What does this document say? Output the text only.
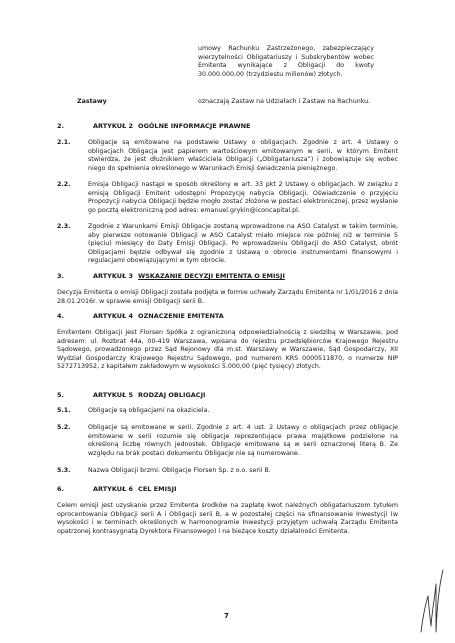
umowy Rachunku Zastrzeżonego, zabezpieczający wierzytelności Obligatariuszy i Subskrybentów wobec Emitenta wynikające z Obligacji do kwoty 30.000.000,00 (trzydziestu milionów) złotych.

Zastawy	oznaczają Zastaw na Udziałach i Zastaw na Rachunku.

2.	ARTYKUŁ 2 OGÓLNE INFORMACJE PRAWNE
2.1.	Obligacje są emitowane na podstawie Ustawy o obligacjach. Zgodnie z art. 4 Ustawy o obligacjach Obligacja jest papierem wartościowym emitowanym w serii, w którym Emitent stwierdza, że jest dłużnikiem właściciela Obligacji („Obligatariusza”) i zobowiązuje się wobec niego do spełnienia określonego w Warunkach Emisji świadczenia pieniężnego.

2.2.	Emisja Obligacji nastąpi w sposób określony w art. 33 pkt 2 Ustawy o obligacjach. W związku z emisją Obligacji Emitent udostępni Propozycję nabycia Obligacji. Oświadczenie o przyjęciu Propozycji nabycia Obligacji będzie mogło zostać złożone w postaci elektronicznej, przez wysłanie go pocztą elektroniczną pod adres: emanuel.grykin@iconcapital.pl.

2.3.	Zgodnie z Warunkami Emisji Obligacje zostaną wprowadzone na ASO Catalyst w takim terminie, aby pierwsze notowanie Obligacji w ASO Catalyst miało miejsce nie później niż w terminie 5 (pięciu) miesięcy do Daty Emisji Obligacji. Po wprowadzeniu Obligacji do ASO Catalyst, obrót Obligacjami będzie odbywał się zgodnie z Ustawą o obrocie instrumentami finansowymi i regulacjami obowiązującymi w tym obrocie.

3.	ARTYKUŁ 3 WSKAZANIE DECYZJI EMITENTA O EMISJI

Decyzja Emitenta o emisji Obligacji została podjęta w formie uchwały Zarządu Emitenta nr 1/01/2016 z dnia 28.01.2016r. w sprawie emisji Obligacji serii B.

4.	ARTYKUŁ 4 OZNACZENIE EMITENTA

Emitentem Obligacji jest Florsen Spółka z ograniczoną odpowiedzialnością z siedzibą w Warszawie, pod adresem: ul. Rozbrat 44a, 00-419 Warszawa, wpisana do rejestru przedsiębiorców Krajowego Rejestru Sądowego, prowadzonego przez Sąd Rejonowy dla m.st. Warszawy w Warszawie, Sąd Gospodarczy, XII Wydział Gospodarczy Krajowego Rejestru Sądowego, pod numerem KRS 0000511870, o numerze NIP 5272713952, z kapitałem zakładowym w wysokości 5.000,00 (pięć tysięcy) złotych.

5.	ARTYKUŁ 5 RODZAJ OBLIGACJI
5.1.	Obligacje są obligacjami na okaziciela.

5.2.	Obligacje są emitowane w serii. Zgodnie z art. 4 ust. 2 Ustawy o obligacjach przez obligacje emitowane w serii rozumie się obligacje reprezentujące prawa majątkowe podzielone na określoną liczbę równych jednostek. Obligacje emitowane są w serii oznaczonej literą B. Ze względu na brak postaci dokumentu Obligacje nie są numerowane.

5.3.	Nazwa Obligacji brzmi: Obligacje Florsen Sp. z o.o. serii B.

6.	ARTYKUŁ 6 CEL EMISJI

Celem emisji jest uzyskanie przez Emitenta środków na zapłatę kwot należnych obligatariuszom tytułem oprocentowania Obligacji serii A i Obligacji serii B, a w pozostałej części na sfinansowanie Inwestycji (w wysokości i w terminach określonych w harmonogramie Inwestycji przyjętym uchwałą Zarządu Emitenta opatrzonej kontrasygnatą Dyrektora Finansowego) i na bieżące koszty działalności Emitenta.

7
